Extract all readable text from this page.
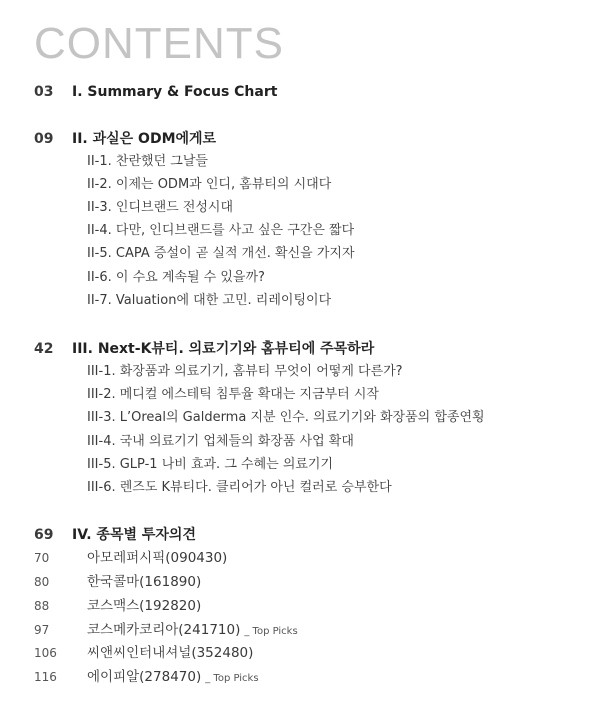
CONTENTS
03	I. Summary & Focus Chart
09	II. 과실은 ODM에게로
II-1. 찬란했던 그날들
II-2. 이제는 ODM과 인디, 홈뷰티의 시대다
II-3. 인디브랜드 전성시대
II-4. 다만, 인디브랜드를 사고 싶은 구간은 짧다
II-5. CAPA 증설이 곧 실적 개선. 확신을 가지자
II-6. 이 수요 계속될 수 있을까?
II-7. Valuation에 대한 고민. 리레이팅이다
42	III. Next-K뷰티. 의료기기와 홈뷰티에 주목하라
III-1. 화장품과 의료기기, 홈뷰티 무엇이 어떻게 다른가?
III-2. 메디컬 에스테틱 침투율 확대는 지금부터 시작
III-3. L’Oreal의 Galderma 지분 인수. 의료기기와 화장품의 합종연횡
III-4. 국내 의료기기 업체들의 화장품 사업 확대
III-5. GLP-1 나비 효과. 그 수혜는 의료기기
III-6. 렌즈도 K뷰티다. 클리어가 아닌 컬러로 승부한다
69	IV. 종목별 투자의견
70	아모레퍼시픽(090430)
80	한국콜마(161890)
88	코스맥스(192820)
97	코스메카코리아(241710) _ Top Picks
106	씨앤씨인터내셔널(352480)
116	에이피알(278470) _ Top Picks
